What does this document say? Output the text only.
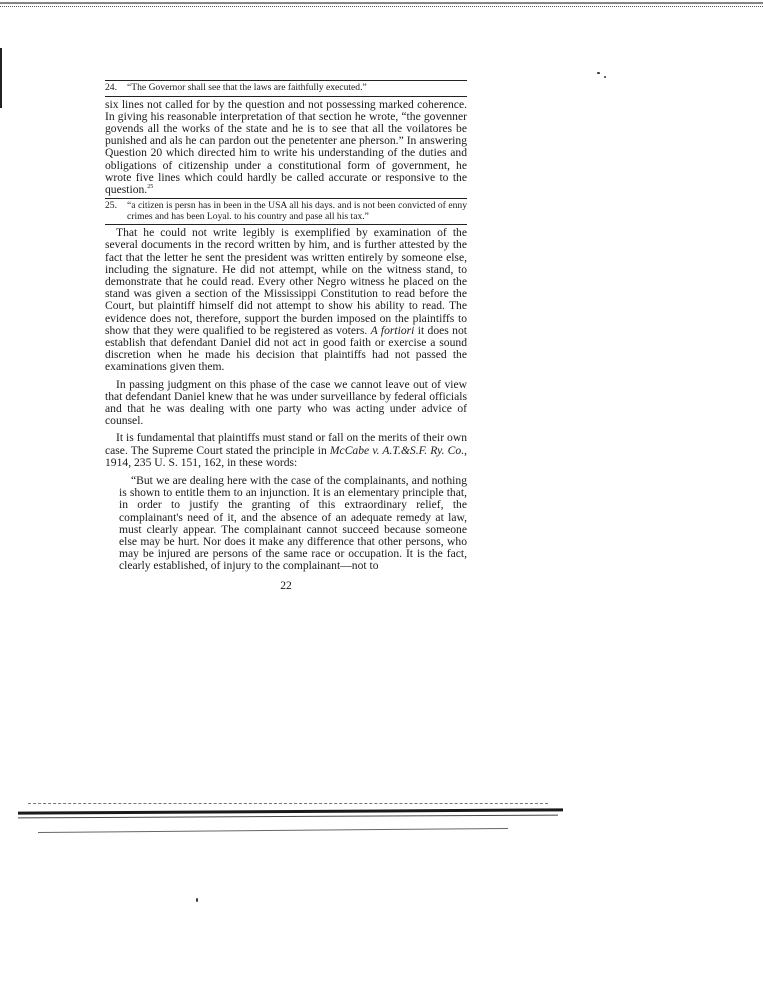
24.	“The Governor shall see that the laws are faithfully executed.”

six lines not called for by the question and not possessing marked coherence. In giving his reasonable interpretation of that section he wrote, “the govenner govends all the works of the state and he is to see that all the voilatores be punished and als he can pardon out the penetenter ane pherson.” In answering Question 20 which directed him to write his understanding of the duties and obligations of citizenship under a constitutional form of government, he wrote five lines which could hardly be called accurate or responsive to the question.$^{25}$

25.	“a citizen is persn has in been in the USA all his days. and is not been convicted of enny crimes and has been Loyal. to his country and pase all his tax.”

That he could not write legibly is exemplified by examination of the several documents in the record written by him, and is further attested by the fact that the letter he sent the president was written entirely by someone else, including the signature. He did not attempt, while on the witness stand, to demonstrate that he could read. Every other Negro witness he placed on the stand was given a section of the Mississippi Constitution to read before the Court, but plaintiff himself did not attempt to show his ability to read. The evidence does not, therefore, support the burden imposed on the plaintiffs to show that they were qualified to be registered as voters. A fortiori it does not establish that defendant Daniel did not act in good faith or exercise a sound discretion when he made his decision that plaintiffs had not passed the examinations given them.

In passing judgment on this phase of the case we cannot leave out of view that defendant Daniel knew that he was under surveillance by federal officials and that he was dealing with one party who was acting under advice of counsel.

It is fundamental that plaintiffs must stand or fall on the merits of their own case. The Supreme Court stated the principle in McCabe v. A.T.&S.F. Ry. Co., 1914, 235 U. S. 151, 162, in these words:

“But we are dealing here with the case of the complainants, and nothing is shown to entitle them to an injunction. It is an elementary principle that, in order to justify the granting of this extraordinary relief, the complainant's need of it, and the absence of an adequate remedy at law, must clearly appear. The complainant cannot succeed because someone else may be hurt. Nor does it make any difference that other persons, who may be injured are persons of the same race or occupation. It is the fact, clearly established, of injury to the complainant—not to

22
